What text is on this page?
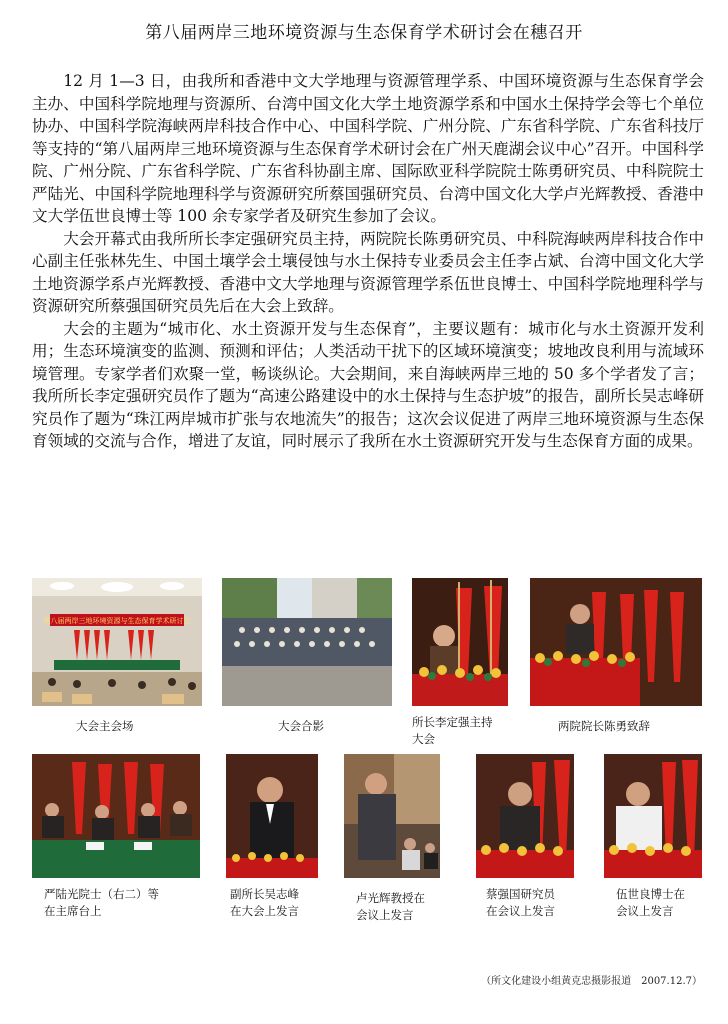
第八届两岸三地环境资源与生态保育学术研讨会在穗召开

12 月 1—3 日，由我所和香港中文大学地理与资源管理学系、中国环境资源与生态保育学会主办、中国科学院地理与资源所、台湾中国文化大学土地资源学系和中国水土保持学会等七个单位协办、中国科学院海峡两岸科技合作中心、中国科学院、广州分院、广东省科学院、广东省科技厅等支持的“第八届两岸三地环境资源与生态保育学术研讨会在广州天鹿湖会议中心”召开。中国科学院、广州分院、广东省科学院、广东省科协副主席、国际欧亚科学院院士陈勇研究员、中科院院士严陆光、中国科学院地理科学与资源研究所蔡国强研究员、台湾中国文化大学卢光辉教授、香港中文大学伍世良博士等 100 余专家学者及研究生参加了会议。

大会开幕式由我所所长李定强研究员主持，两院院长陈勇研究员、中科院海峡两岸科技合作中心副主任张林先生、中国土壤学会土壤侵蚀与水土保持专业委员会主任李占斌、台湾中国文化大学土地资源学系卢光辉教授、香港中文大学地理与资源管理学系伍世良博士、中国科学院地理科学与资源研究所蔡强国研究员先后在大会上致辞。

大会的主题为“城市化、水土资源开发与生态保育”，主要议题有：城市化与水土资源开发利用；生态环境演变的监测、预测和评估；人类活动干扰下的区域环境演变；坡地改良利用与流域环境管理。专家学者们欢聚一堂，畅谈纵论。大会期间，来自海峡两岸三地的 50 多个学者发了言；我所所长李定强研究员作了题为“高速公路建设中的水土保持与生态护坡”的报告，副所长吴志峰研究员作了题为“珠江两岸城市扩张与农地流失”的报告；这次会议促进了两岸三地环境资源与生态保育领域的交流与合作，增进了友谊，同时展示了我所在水土资源研究开发与生态保育方面的成果。

第八届两岸三地环境资源与生态保育学术研讨会
大会主会场	大会合影	所长李定强主持
大会
两院院长陈勇致辞
严陆光院士（右二）等
在主席台上
副所长吴志峰
在大会上发言
卢光辉教授在
会议上发言
蔡强国研究员
在会议上发言
伍世良博士在
会议上发言
（所文化建设小组黄克忠摄影报道　2007.12.7）
